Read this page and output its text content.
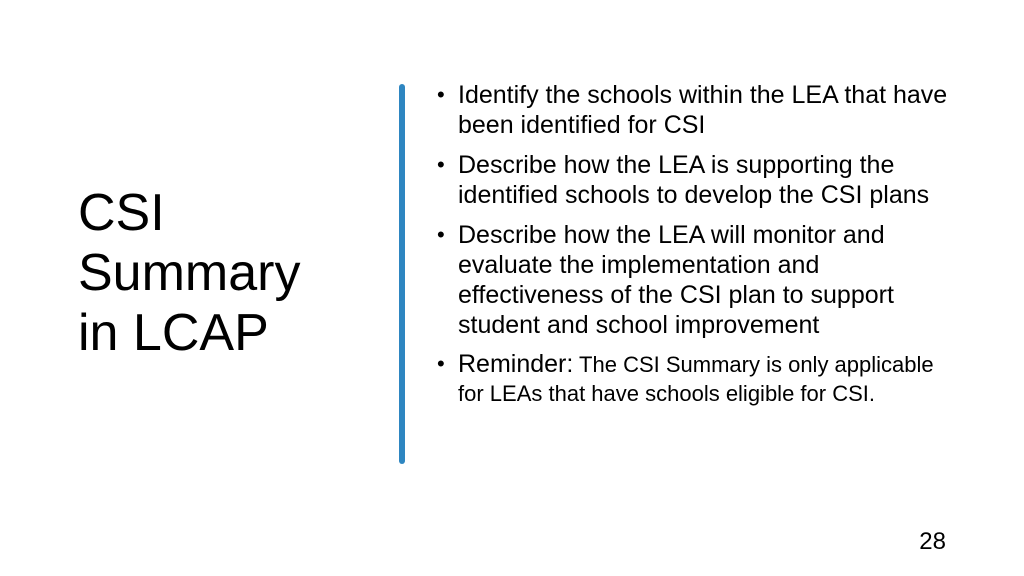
CSI
Summary
in LCAP
• Identify the schools within the LEA that have been identified for CSI
• Describe how the LEA is supporting the identified schools to develop the CSI plans
• Describe how the LEA will monitor and evaluate the implementation and effectiveness of the CSI plan to support student and school improvement
• Reminder: The CSI Summary is only applicable for LEAs that have schools eligible for CSI.
28
